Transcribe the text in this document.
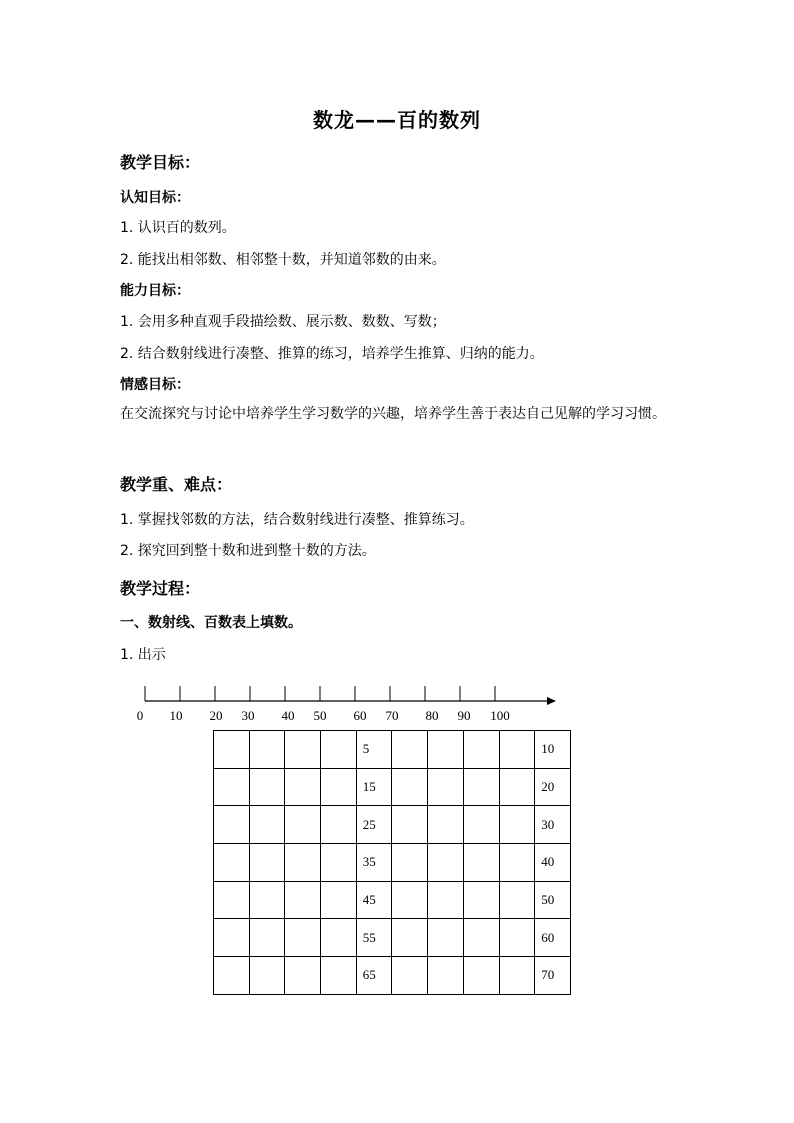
数龙——百的数列
教学目标：
认知目标：
1. 认识百的数列。
2. 能找出相邻数、相邻整十数，并知道邻数的由来。
能力目标：
1. 会用多种直观手段描绘数、展示数、数数、写数；
2. 结合数射线进行凑整、推算的练习，培养学生推算、归纳的能力。
情感目标：
在交流探究与讨论中培养学生学习数学的兴趣，培养学生善于表达自己见解的学习习惯。
教学重、难点：
1. 掌握找邻数的方法，结合数射线进行凑整、推算练习。
2. 探究回到整十数和进到整十数的方法。
教学过程：
一、数射线、百数表上填数。
1. 出示
0 10 20 30 40 50 60 70 80 90 100
				5					10
				15					20
				25					30
				35					40
				45					50
				55					60
				65					70
